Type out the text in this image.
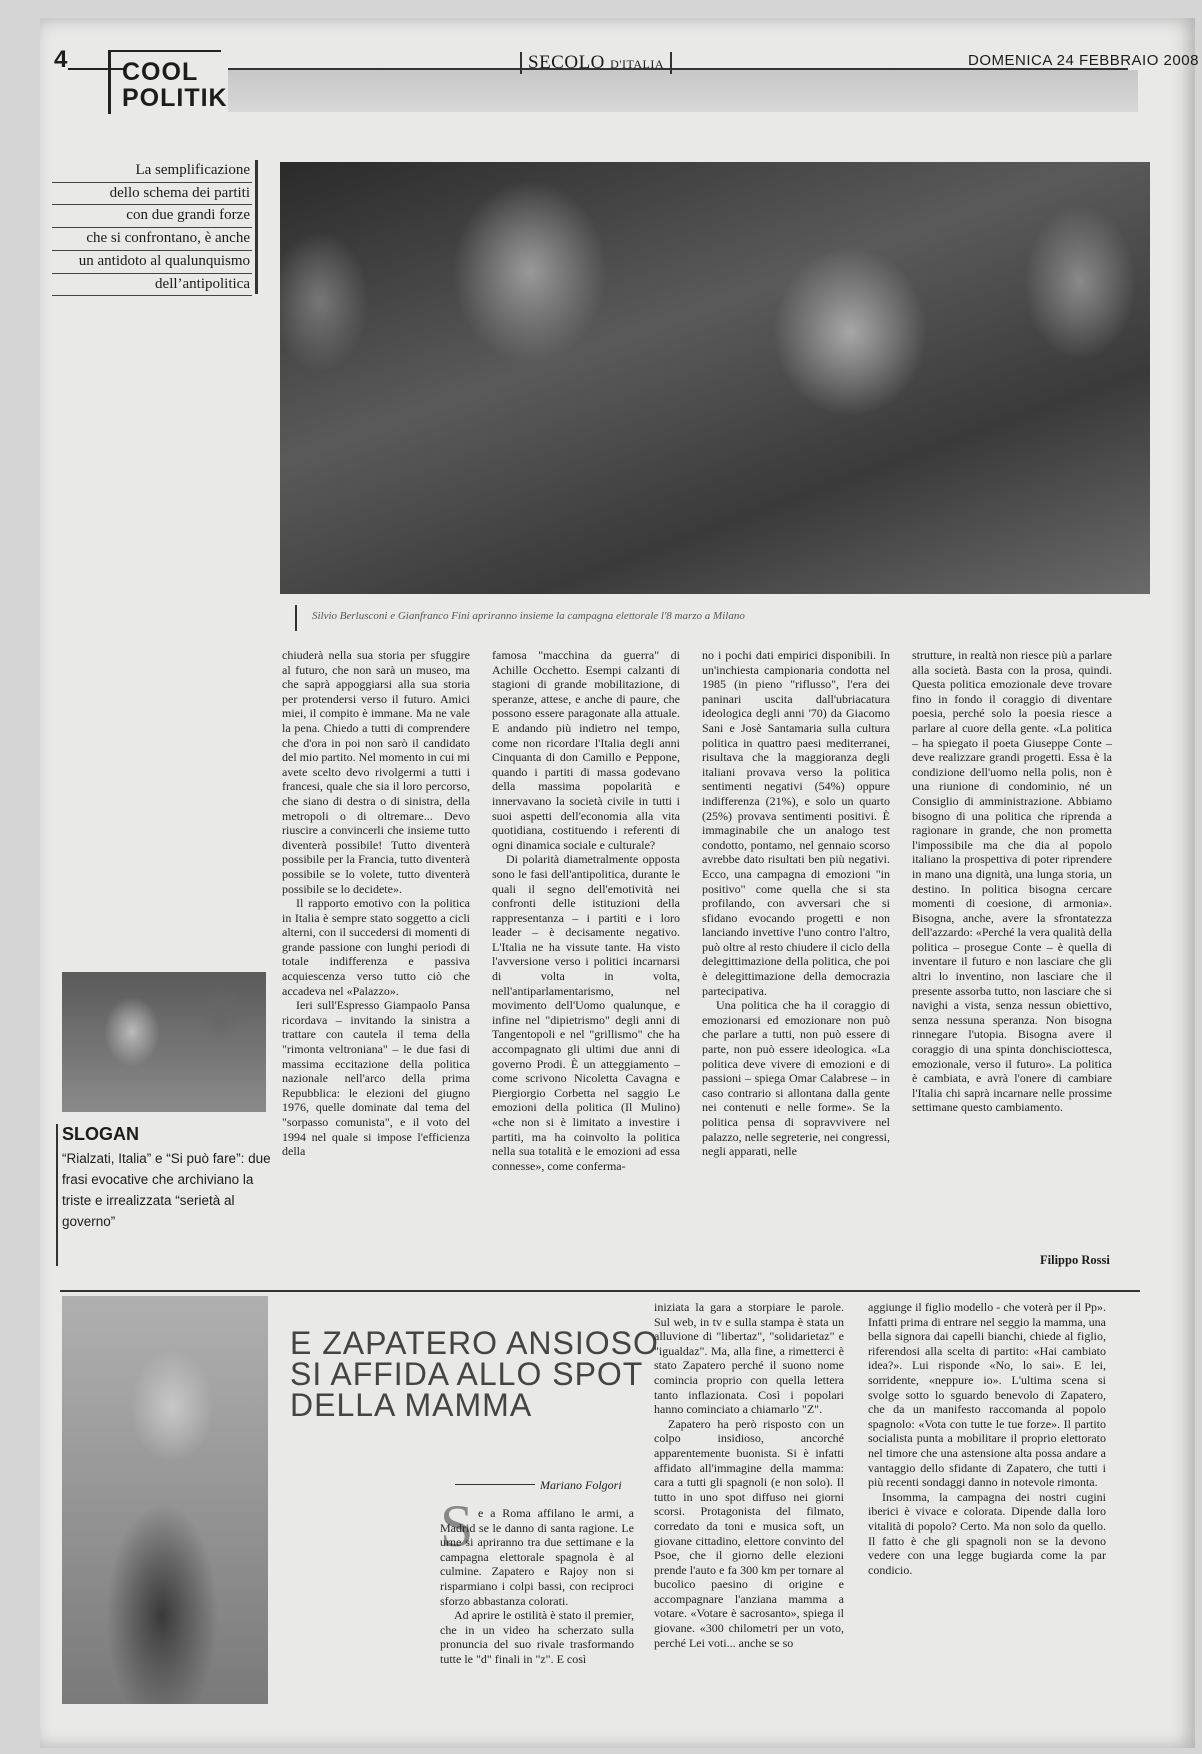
4 COOL
POLITIK
SECOLO D'ITALIA	DOMENICA 24 FEBBRAIO 2008
La semplificazione
dello schema dei partiti
con due grandi forze
che si confrontano, è anche
un antidoto al qualunquismo
dell’antipolitica
Silvio Berlusconi e Gianfranco Fini apriranno insieme la campagna elettorale l'8 marzo a Milano
SLOGAN
“Rialzati, Italia” e “Si può fare”: due frasi evocative che archiviano la triste e irrealizzata “serietà al governo”

chiuderà nella sua storia per sfuggire al futuro, che non sarà un museo, ma che saprà appoggiarsi alla sua storia per protendersi verso il futuro. Amici miei, il compito è immane. Ma ne vale la pena. Chiedo a tutti di comprendere che d'ora in poi non sarò il candidato del mio partito. Nel momento in cui mi avete scelto devo rivolgermi a tutti i francesi, quale che sia il loro percorso, che siano di destra o di sinistra, della metropoli o di oltremare... Devo riuscire a convincerli che insieme tutto diventerà possibile! Tutto diventerà possibile per la Francia, tutto diventerà possibile se lo volete, tutto diventerà possibile se lo decidete».

Il rapporto emotivo con la politica in Italia è sempre stato soggetto a cicli alterni, con il succedersi di momenti di grande passione con lunghi periodi di totale indifferenza e passiva acquiescenza verso tutto ciò che accadeva nel «Palazzo».

Ieri sull'Espresso Giampaolo Pansa ricordava – invitando la sinistra a trattare con cautela il tema della "rimonta veltroniana" – le due fasi di massima eccitazione della politica nazionale nell'arco della prima Repubblica: le elezioni del giugno 1976, quelle dominate dal tema del "sorpasso comunista", e il voto del 1994 nel quale si impose l'efficienza della

famosa "macchina da guerra" di Achille Occhetto. Esempi calzanti di stagioni di grande mobilitazione, di speranze, attese, e anche di paure, che possono essere paragonate alla attuale. E andando più indietro nel tempo, come non ricordare l'Italia degli anni Cinquanta di don Camillo e Peppone, quando i partiti di massa godevano della massima popolarità e innervavano la società civile in tutti i suoi aspetti dell'economia alla vita quotidiana, costituendo i referenti di ogni dinamica sociale e culturale?

Di polarità diametralmente opposta sono le fasi dell'antipolitica, durante le quali il segno dell'emotività nei confronti delle istituzioni della rappresentanza – i partiti e i loro leader – è decisamente negativo. L'Italia ne ha vissute tante. Ha visto l'avversione verso i politici incarnarsi di volta in volta, nell'antiparlamentarismo, nel movimento dell'Uomo qualunque, e infine nel "dipietrismo" degli anni di Tangentopoli e nel "grillismo" che ha accompagnato gli ultimi due anni di governo Prodi. È un atteggiamento – come scrivono Nicoletta Cavagna e Piergiorgio Corbetta nel saggio Le emozioni della politica (Il Mulino) «che non si è limitato a investire i partiti, ma ha coinvolto la politica nella sua totalità e le emozioni ad essa connesse», come conferma-

no i pochi dati empirici disponibili. In un'inchiesta campionaria condotta nel 1985 (in pieno "riflusso", l'era dei paninari uscita dall'ubriacatura ideologica degli anni '70) da Giacomo Sani e Josè Santamaria sulla cultura politica in quattro paesi mediterranei, risultava che la maggioranza degli italiani provava verso la politica sentimenti negativi (54%) oppure indifferenza (21%), e solo un quarto (25%) provava sentimenti positivi. È immaginabile che un analogo test condotto, pontamo, nel gennaio scorso avrebbe dato risultati ben più negativi. Ecco, una campagna di emozioni "in positivo" come quella che si sta profilando, con avversari che si sfidano evocando progetti e non lanciando invettive l'uno contro l'altro, può oltre al resto chiudere il ciclo della delegittimazione della politica, che poi è delegittimazione della democrazia partecipativa.

Una politica che ha il coraggio di emozionarsi ed emozionare non può che parlare a tutti, non può essere di parte, non può essere ideologica. «La politica deve vivere di emozioni e di passioni – spiega Omar Calabrese – in caso contrario si allontana dalla gente nei contenuti e nelle forme». Se la politica pensa di sopravvivere nel palazzo, nelle segreterie, nei congressi, negli apparati, nelle

strutture, in realtà non riesce più a parlare alla società. Basta con la prosa, quindi. Questa politica emozionale deve trovare fino in fondo il coraggio di diventare poesia, perché solo la poesia riesce a parlare al cuore della gente. «La politica – ha spiegato il poeta Giuseppe Conte – deve realizzare grandi progetti. Essa è la condizione dell'uomo nella polis, non è una riunione di condominio, né un Consiglio di amministrazione. Abbiamo bisogno di una politica che riprenda a ragionare in grande, che non prometta l'impossibile ma che dia al popolo italiano la prospettiva di poter riprendere in mano una dignità, una lunga storia, un destino. In politica bisogna cercare momenti di coesione, di armonia». Bisogna, anche, avere la sfrontatezza dell'azzardo: «Perché la vera qualità della politica – prosegue Conte – è quella di inventare il futuro e non lasciare che gli altri lo inventino, non lasciare che il presente assorba tutto, non lasciare che si navighi a vista, senza nessun obiettivo, senza nessuna speranza. Non bisogna rinnegare l'utopia. Bisogna avere il coraggio di una spinta donchisciottesca, emozionale, verso il futuro». La politica è cambiata, e avrà l'onere di cambiare l'Italia chi saprà incarnare nelle prossime settimane questo cambiamento.

Filippo Rossi
E ZAPATERO ANSIOSO
SI AFFIDA ALLO SPOT
DELLA MAMMA
Mariano Folgori
S e a Roma affilano le armi, a Madrid se le danno di santa ragione. Le urne si apriranno tra due settimane e la campagna elettorale spagnola è al culmine. Zapatero e Rajoy non si risparmiano i colpi bassi, con reciproci sforzo abbastanza colorati.

Ad aprire le ostilità è stato il premier, che in un video ha scherzato sulla pronuncia del suo rivale trasformando tutte le "d" finali in "z". E così

iniziata la gara a storpiare le parole. Sul web, in tv e sulla stampa è stata un alluvione di "libertaz", "solidarietaz" e "igualdaz". Ma, alla fine, a rimetterci è stato Zapatero perché il suono nome comincia proprio con quella lettera tanto inflazionata. Così i popolari hanno cominciato a chiamarlo "Z".

Zapatero ha però risposto con un colpo insidioso, ancorché apparentemente buonista. Si è infatti affidato all'immagine della mamma: cara a tutti gli spagnoli (e non solo). Il tutto in uno spot diffuso nei giorni scorsi. Protagonista del filmato, corredato da toni e musica soft, un giovane cittadino, elettore convinto del Psoe, che il giorno delle elezioni prende l'auto e fa 300 km per tornare al bucolico paesino di origine e accompagnare l'anziana mamma a votare. «Votare è sacrosanto», spiega il giovane. «300 chilometri per un voto, perché Lei voti... anche se so

aggiunge il figlio modello - che voterà per il Pp». Infatti prima di entrare nel seggio la mamma, una bella signora dai capelli bianchi, chiede al figlio, riferendosi alla scelta di partito: «Hai cambiato idea?». Lui risponde «No, lo sai». E lei, sorridente, «neppure io». L'ultima scena si svolge sotto lo sguardo benevolo di Zapatero, che da un manifesto raccomanda al popolo spagnolo: «Vota con tutte le tue forze». Il partito socialista punta a mobilitare il proprio elettorato nel timore che una astensione alta possa andare a vantaggio dello sfidante di Zapatero, che tutti i più recenti sondaggi danno in notevole rimonta.

Insomma, la campagna dei nostri cugini iberici è vivace e colorata. Dipende dalla loro vitalità di popolo? Certo. Ma non solo da quello. Il fatto è che gli spagnoli non se la devono vedere con una legge bugiarda come la par condicio.
